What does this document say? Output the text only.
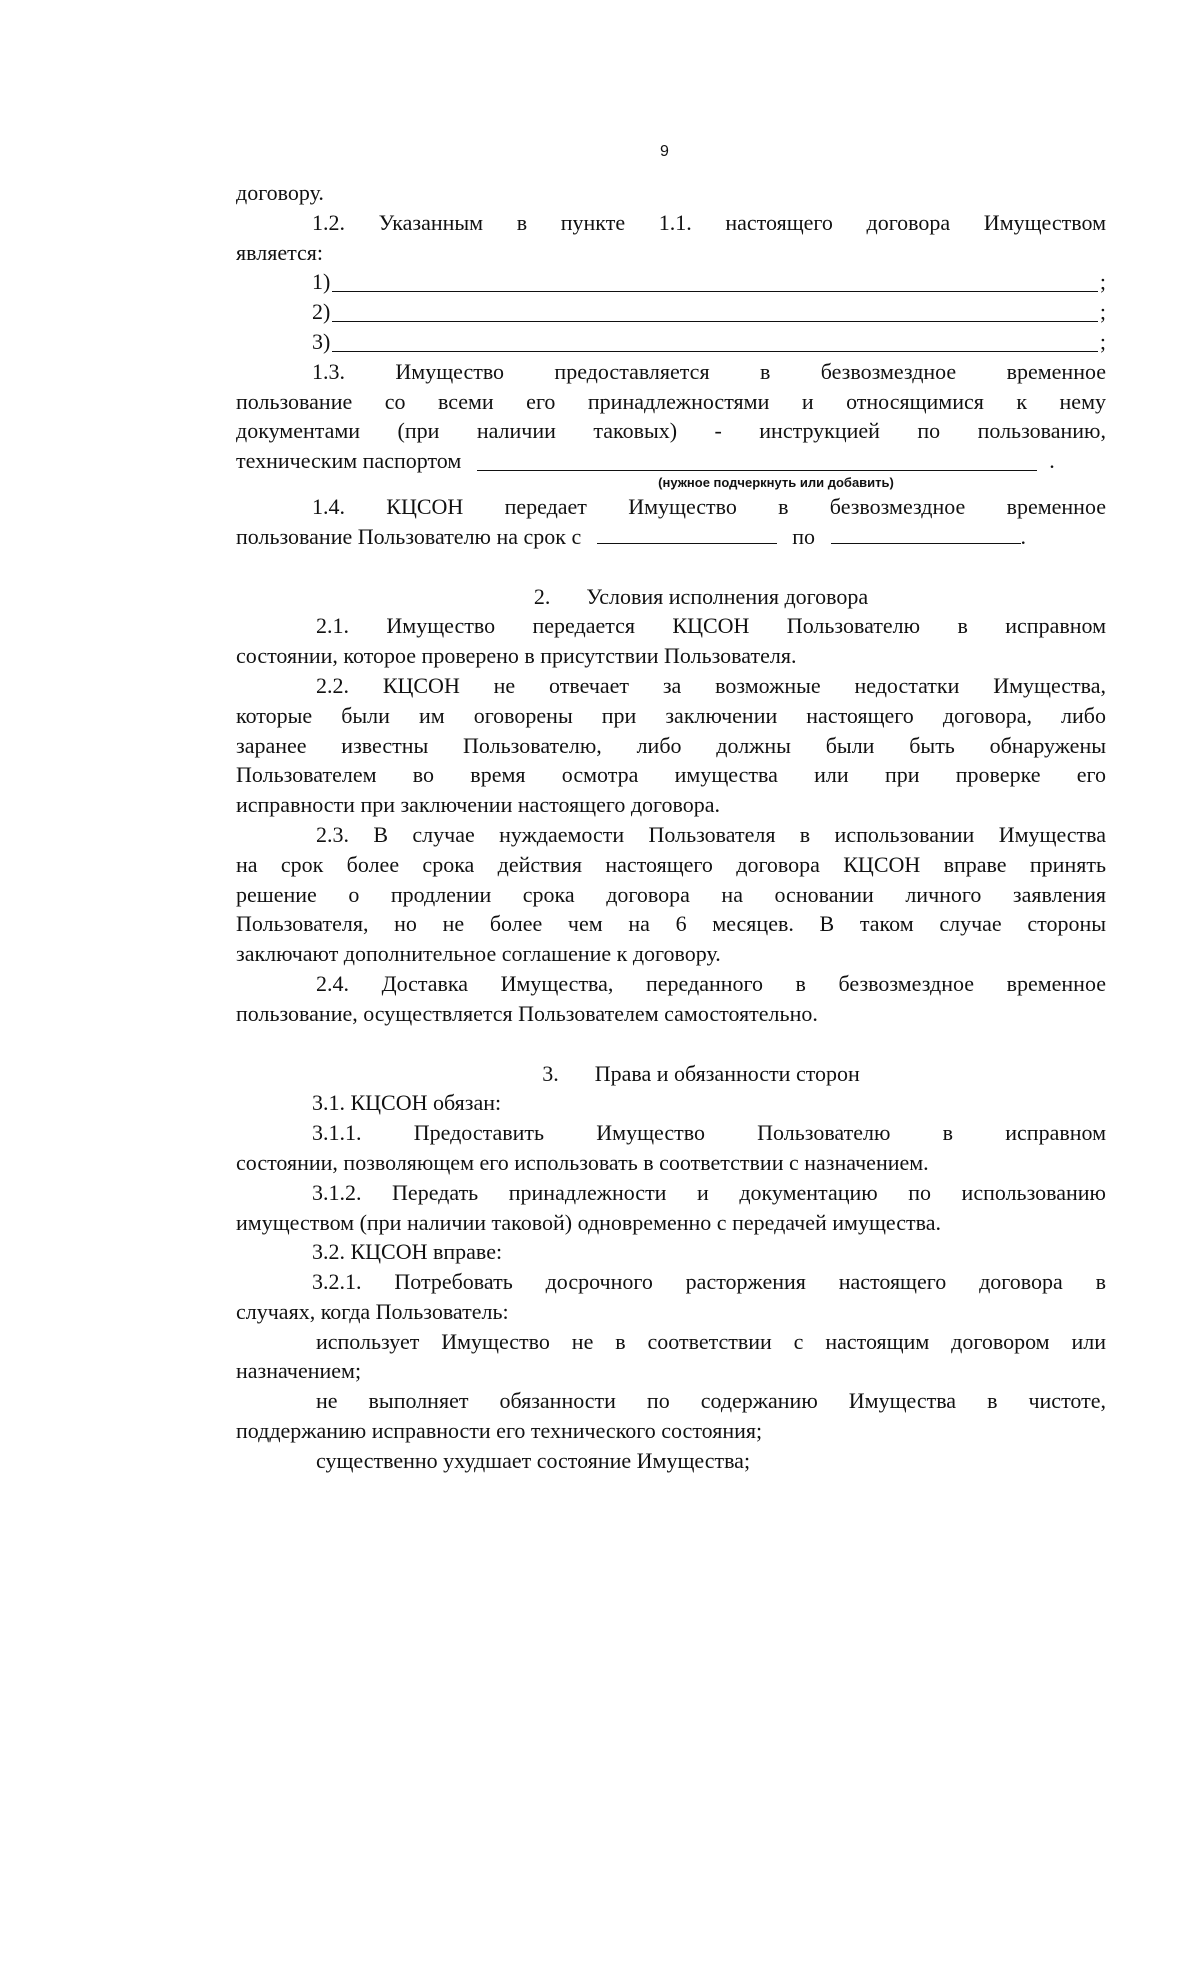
9
договору.
1.2. Указанным в пункте 1.1. настоящего договора Имуществом
является:
1)	;
2)	;
3)	;
1.3. Имущество предоставляется в безвозмездное временное
пользование со всеми его принадлежностями и относящимися к нему
документами (при наличии таковых) - инструкцией по пользованию,
техническим паспортом	.
(нужное подчеркнуть или добавить)
1.4. КЦСОН передает Имущество в безвозмездное временное
пользование Пользователю на срок с	по	.
2. Условия исполнения договора
2.1. Имущество передается КЦСОН Пользователю в исправном
состоянии, которое проверено в присутствии Пользователя.
2.2. КЦСОН не отвечает за возможные недостатки Имущества,
которые были им оговорены при заключении настоящего договора, либо
заранее известны Пользователю, либо должны были быть обнаружены
Пользователем во время осмотра имущества или при проверке его
исправности при заключении настоящего договора.
2.3. В случае нуждаемости Пользователя в использовании Имущества
на срок более срока действия настоящего договора КЦСОН вправе принять
решение о продлении срока договора на основании личного заявления
Пользователя, но не более чем на 6 месяцев. В таком случае стороны
заключают дополнительное соглашение к договору.
2.4. Доставка Имущества, переданного в безвозмездное временное
пользование, осуществляется Пользователем самостоятельно.
3. Права и обязанности сторон
3.1. КЦСОН обязан:
3.1.1. Предоставить Имущество Пользователю в исправном
состоянии, позволяющем его использовать в соответствии с назначением.
3.1.2. Передать принадлежности и документацию по использованию
имуществом (при наличии таковой) одновременно с передачей имущества.
3.2. КЦСОН вправе:
3.2.1. Потребовать досрочного расторжения настоящего договора в
случаях, когда Пользователь:
использует Имущество не в соответствии с настоящим договором или
назначением;
не выполняет обязанности по содержанию Имущества в чистоте,
поддержанию исправности его технического состояния;
существенно ухудшает состояние Имущества;
